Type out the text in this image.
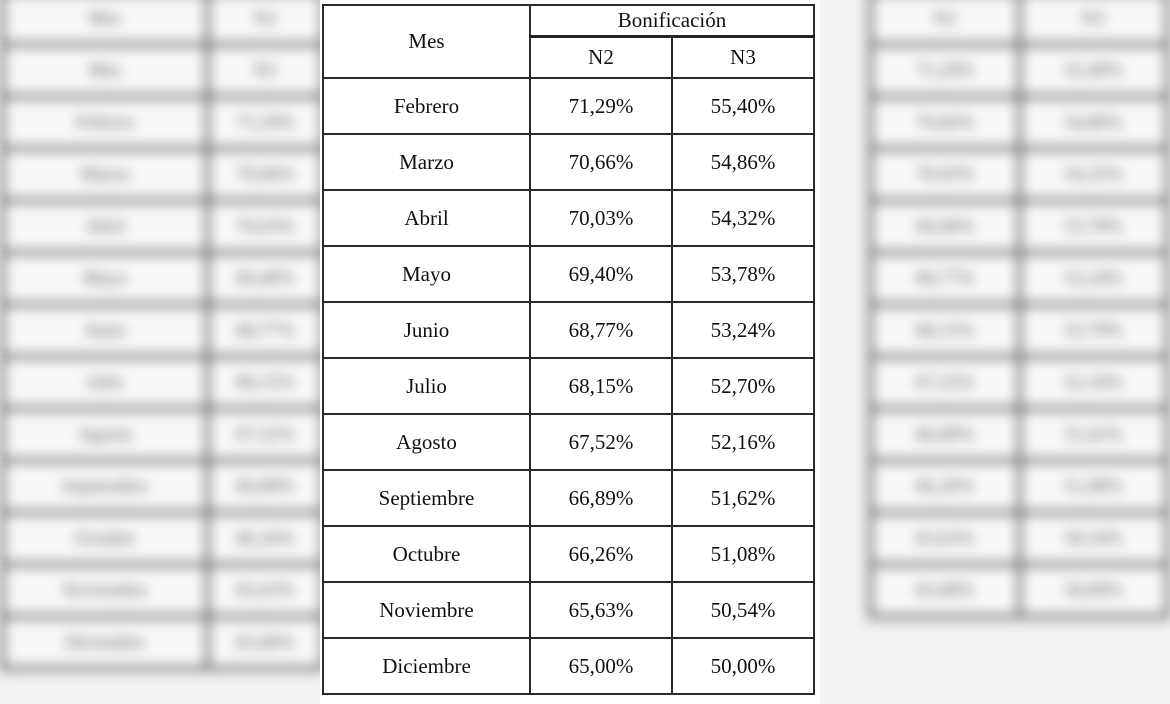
Mes	N2
Mes	N2
Febrero	71,29%
Marzo	70,66%
Abril	70,03%
Mayo	69,40%
Junio	68,77%
Julio	68,15%
Agosto	67,52%
Septiembre	66,89%
Octubre	66,26%
Noviembre	65,63%
Diciembre	65,00%
N2	N3
71,29%	55,40%
70,66%	54,86%
70,03%	54,32%
69,40%	53,78%
68,77%	53,24%
68,15%	52,70%
67,52%	52,16%
66,89%	51,62%
66,26%	51,08%
65,63%	50,54%
65,00%	50,00%
Mes	Bonificación	
	N2	N3
Febrero	71,29%	55,40%
Marzo	70,66%	54,86%
Abril	70,03%	54,32%
Mayo	69,40%	53,78%
Junio	68,77%	53,24%
Julio	68,15%	52,70%
Agosto	67,52%	52,16%
Septiembre	66,89%	51,62%
Octubre	66,26%	51,08%
Noviembre	65,63%	50,54%
Diciembre	65,00%	50,00%
